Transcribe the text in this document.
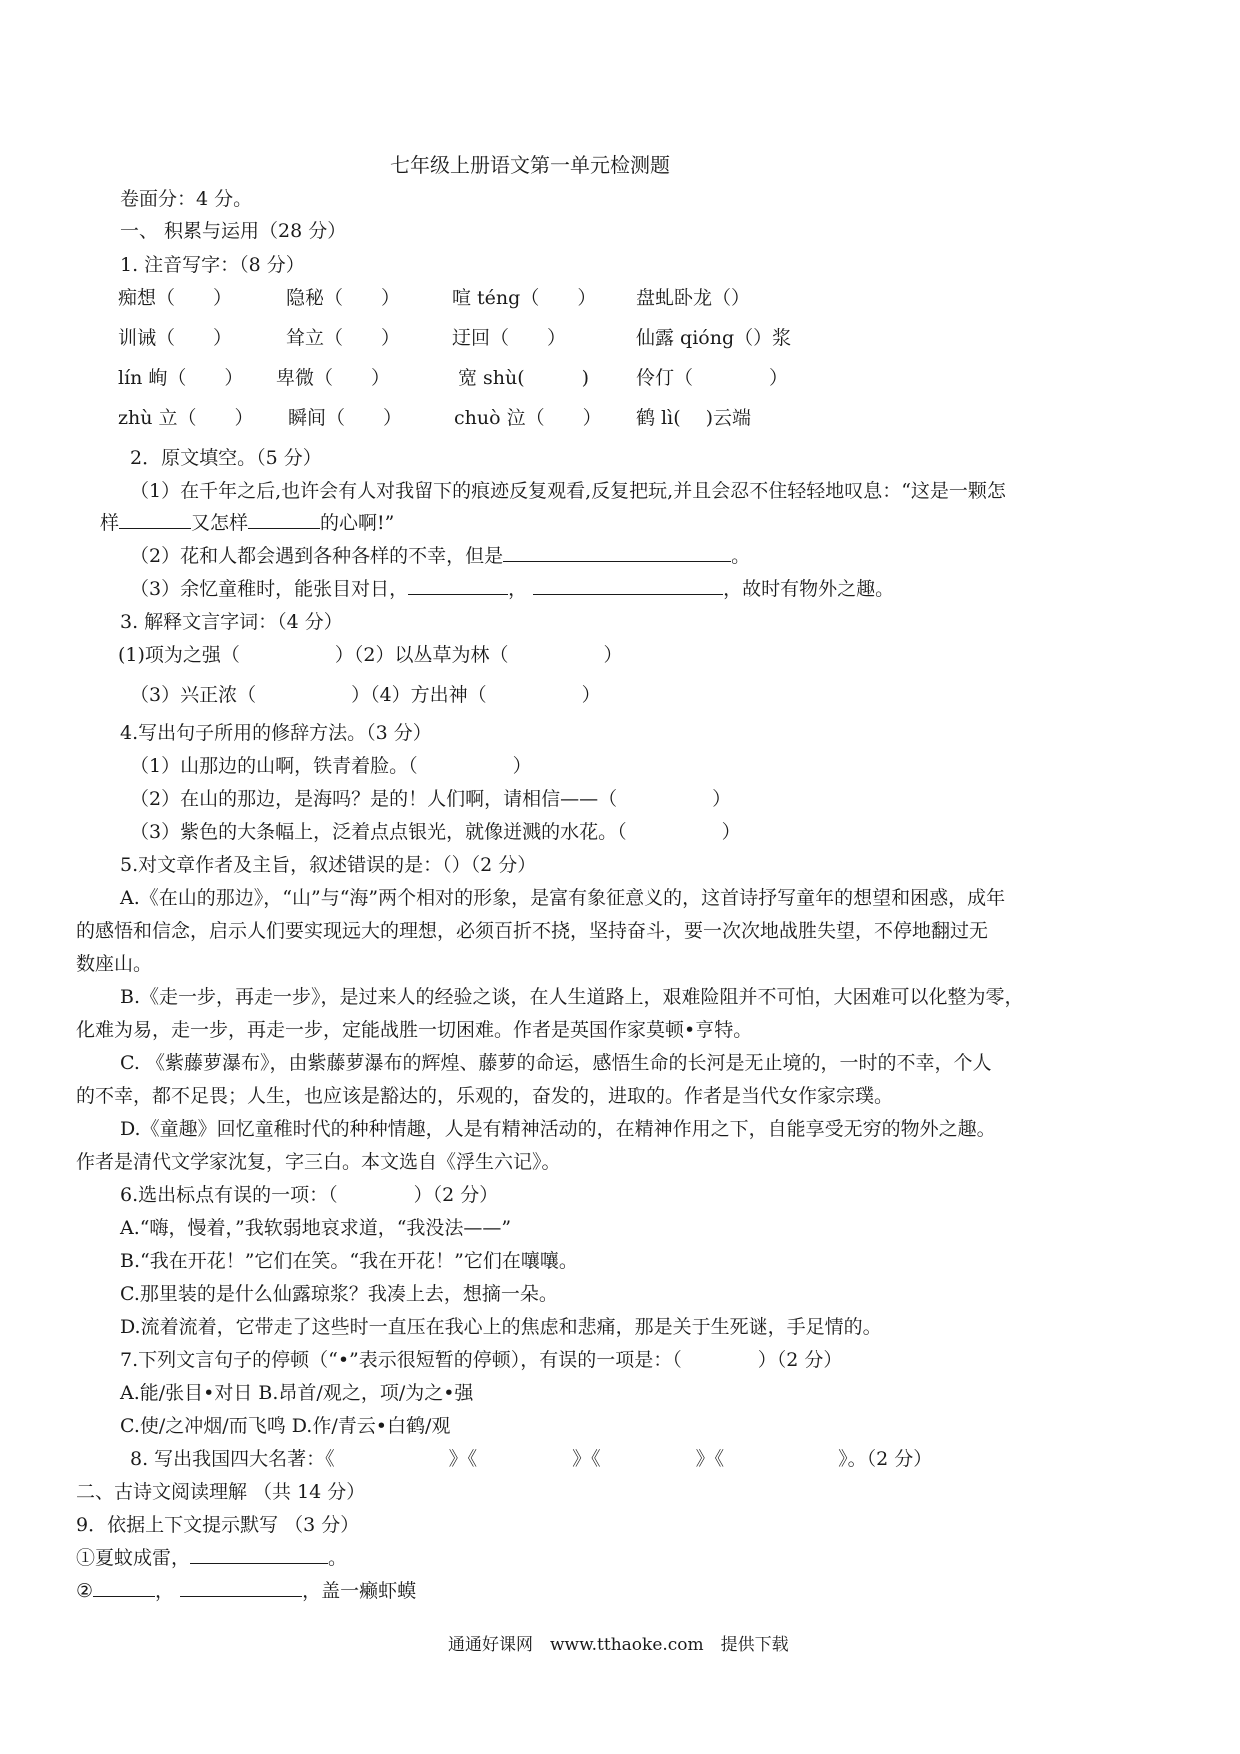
七年级上册语文第一单元检测题
卷面分：4 分。
一、 积累与运用（28 分）
1. 注音写字：（8 分）
痴想（　　）	隐秘（　　）	喧 téng（　　） 盘虬卧龙（）
训诫（　　）	耸立（　　）	迂回（　　）	仙露 qióng（）浆
lín 峋（　　） 卑微（　　）	宽 shù(　　　) 伶仃（　　　　）
zhù 立（　　） 瞬间（　　）	chuò 泣（　　） 鹤 lì(　 )云端
2．原文填空。（5 分）
（1）在千年之后,也许会有人对我留下的痕迹反复观看,反复把玩,并且会忍不住轻轻地叹息：“这是一颗怎
样	又怎样	的心啊!”
（2）花和人都会遇到各种各样的不幸，但是	。
（3）余忆童稚时，能张目对日，	，	，故时有物外之趣。
3. 解释文言字词：（4 分）
(1)项为之强（　　　　　）（2）以丛草为林（　　　　　）
（3）兴正浓（　　　　　）（4）方出神（　　　　　）
4.写出句子所用的修辞方法。（3 分）
（1）山那边的山啊，铁青着脸。（　　　　　）
（2）在山的那边，是海吗？是的！人们啊，请相信——（　　　　　）
（3）紫色的大条幅上，泛着点点银光，就像迸溅的水花。（　　　　　）
5.对文章作者及主旨，叙述错误的是：（）（2 分）
A.《在山的那边》，“山”与“海”两个相对的形象，是富有象征意义的，这首诗抒写童年的想望和困惑，成年
的感悟和信念，启示人们要实现远大的理想，必须百折不挠，坚持奋斗，要一次次地战胜失望，不停地翻过无
数座山。
B.《走一步，再走一步》，是过来人的经验之谈，在人生道路上，艰难险阻并不可怕，大困难可以化整为零，
化难为易，走一步，再走一步，定能战胜一切困难。作者是英国作家莫顿•亨特。
C. 《紫藤萝瀑布》，由紫藤萝瀑布的辉煌、藤萝的命运，感悟生命的长河是无止境的，一时的不幸，个人
的不幸，都不足畏；人生，也应该是豁达的，乐观的，奋发的，进取的。作者是当代女作家宗璞。
D.《童趣》回忆童稚时代的种种情趣，人是有精神活动的，在精神作用之下，自能享受无穷的物外之趣。
作者是清代文学家沈复，字三白。本文选自《浮生六记》。
6.选出标点有误的一项：（　　　　）（2 分）
A.“嗨，慢着，”我软弱地哀求道，“我没法——”
B.“我在开花！”它们在笑。“我在开花！”它们在嚷嚷。
C.那里装的是什么仙露琼浆？我凑上去，想摘一朵。
D.流着流着，它带走了这些时一直压在我心上的焦虑和悲痛，那是关于生死谜，手足情的。
7.下列文言句子的停顿（“•”表示很短暂的停顿），有误的一项是：（　　　　）（2 分）
A.能/张目•对日 B.昂首/观之，项/为之•强
C.使/之冲烟/而飞鸣 D.作/青云•白鹤/观
8. 写出我国四大名著：《　　　　　　》《　　　　　》《　　　　　》《　　　　　　》。（2 分）
二、古诗文阅读理解 （共 14 分）
9．依据上下文提示默写 （3 分）
①夏蚊成雷，	。
②	，	，盖一癞虾蟆
通通好课网　www.tthaoke.com　提供下载
